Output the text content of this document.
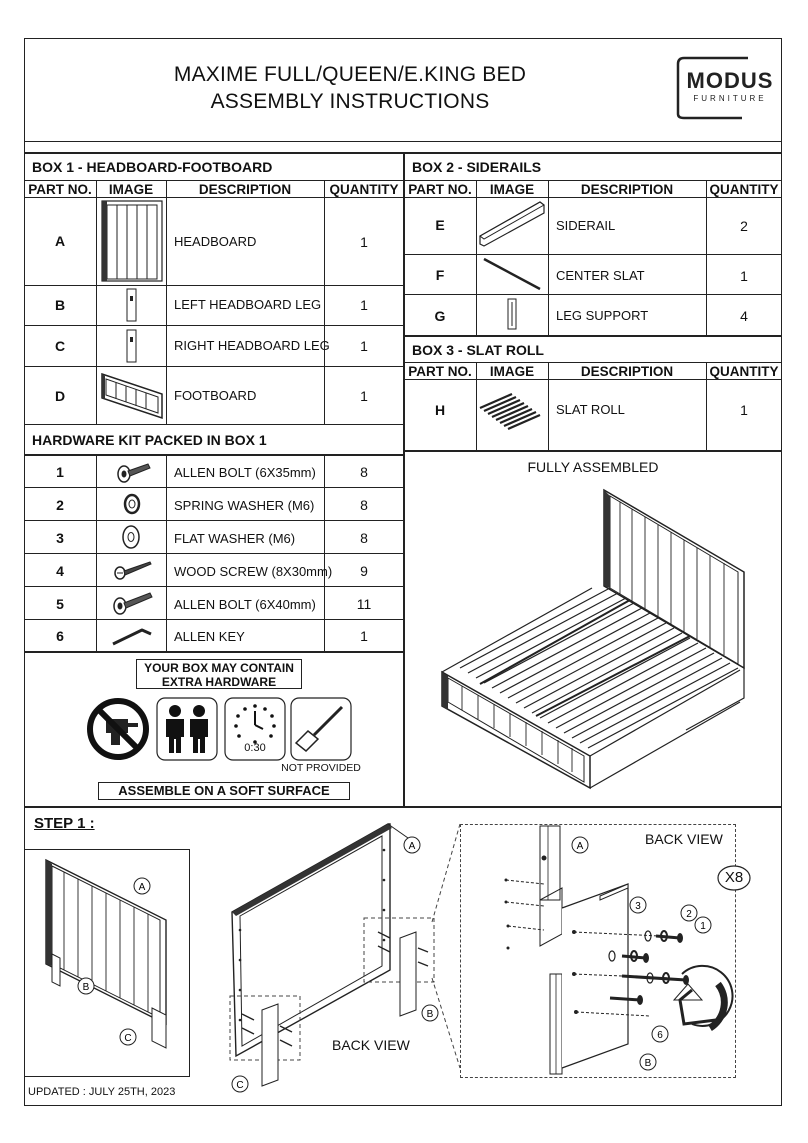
MAXIME FULL/QUEEN/E.KING BED
ASSEMBLY INSTRUCTIONS
MODUS
FURNITURE
BOX 1 - HEADBOARD-FOOTBOARD
PART NO.	IMAGE	DESCRIPTION	QUANTITY
A	HEADBOARD	1
B	LEFT HEADBOARD LEG	1
C	RIGHT HEADBOARD LEG	1
D	FOOTBOARD	1
HARDWARE KIT PACKED IN BOX 1
1	ALLEN BOLT (6X35mm)	8
2	SPRING WASHER (M6)	8
3	FLAT WASHER (M6)	8
4	WOOD SCREW (8X30mm)	9
5	ALLEN BOLT (6X40mm)	11
6	ALLEN KEY	1
YOUR BOX MAY CONTAIN
EXTRA HARDWARE
0:30
NOT PROVIDED
ASSEMBLE ON A SOFT SURFACE
BOX 2 - SIDERAILS
PART NO.	IMAGE	DESCRIPTION	QUANTITY
E	SIDERAIL	2
F	CENTER SLAT	1
G	LEG SUPPORT	4
BOX 3 - SLAT ROLL
PART NO.	IMAGE	DESCRIPTION	QUANTITY
H	SLAT ROLL	1
FULLY ASSEMBLED
STEP 1 :
A
B
C
A
B
C
BACK VIEW
BACK VIEW
X8
A
3
2
1
6
B
UPDATED : JULY 25TH, 2023
